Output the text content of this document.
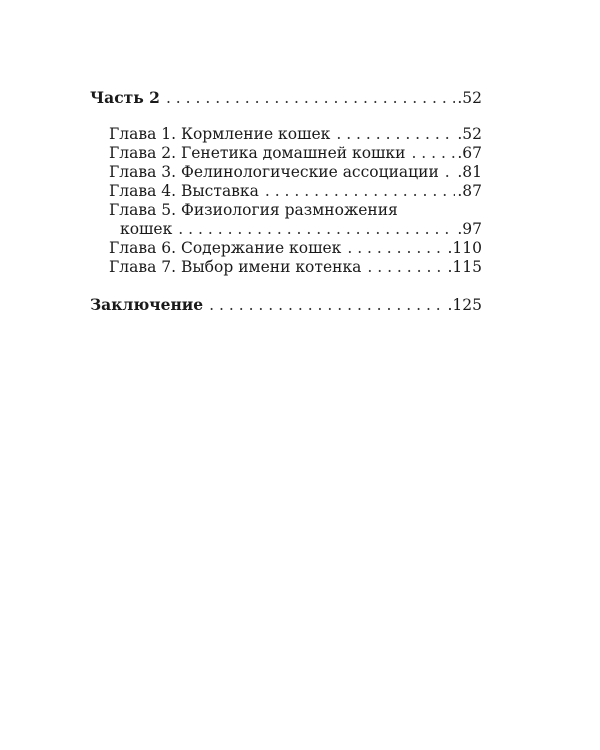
Часть 2 . . .	.52
Глава 1. Кормление кошек . . .	.52
Глава 2. Генетика домашней кошки . . .	.67
Глава 3. Фелинологические ассоциации . . . .81
Глава 4. Выставка . . .	.87
Глава 5. Физиология размножения
кошек . . .	.97
Глава 6. Содержание кошек . . .	.110
Глава 7. Выбор имени котенка . . .	.115
Заключение . . .	.125
